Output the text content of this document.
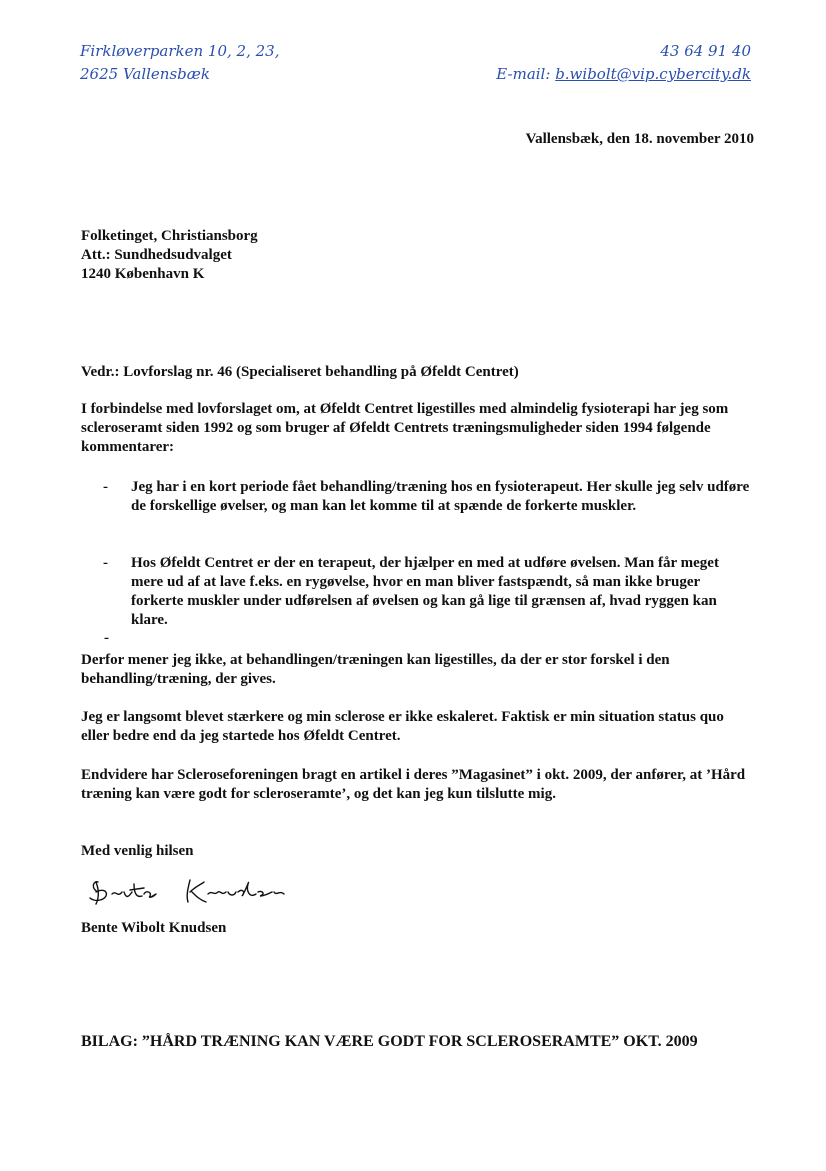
Firkløverparken 10, 2, 23,
2625 Vallensbæk
43 64 91 40
E-mail: b.wibolt@vip.cybercity.dk
Vallensbæk, den 18. november 2010
Folketinget, Christiansborg
Att.: Sundhedsudvalget
1240 København K
Vedr.: Lovforslag nr. 46 (Specialiseret behandling på Øfeldt Centret)
I forbindelse med lovforslaget om, at Øfeldt Centret ligestilles med almindelig fysioterapi har jeg som scleroseramt siden 1992 og som bruger af Øfeldt Centrets træningsmuligheder siden 1994 følgende kommentarer:
- Jeg har i en kort periode fået behandling/træning hos en fysioterapeut. Her skulle jeg selv udføre de forskellige øvelser, og man kan let komme til at spænde de forkerte muskler.
- Hos Øfeldt Centret er der en terapeut, der hjælper en med at udføre øvelsen. Man får meget mere ud af at lave f.eks. en rygøvelse, hvor en man bliver fastspændt, så man ikke bruger forkerte muskler under udførelsen af øvelsen og kan gå lige til grænsen af, hvad ryggen kan klare.
-
Derfor mener jeg ikke, at behandlingen/træningen kan ligestilles, da der er stor forskel i den behandling/træning, der gives.
Jeg er langsomt blevet stærkere og min sclerose er ikke eskaleret. Faktisk er min situation status quo eller bedre end da jeg startede hos Øfeldt Centret.
Endvidere har Scleroseforeningen bragt en artikel i deres ”Magasinet” i okt. 2009, der anfører, at ’Hård træning kan være godt for scleroseramte’, og det kan jeg kun tilslutte mig.
Med venlig hilsen
Bente Wibolt Knudsen
BILAG: ”HÅRD TRÆNING KAN VÆRE GODT FOR SCLEROSERAMTE” OKT. 2009
